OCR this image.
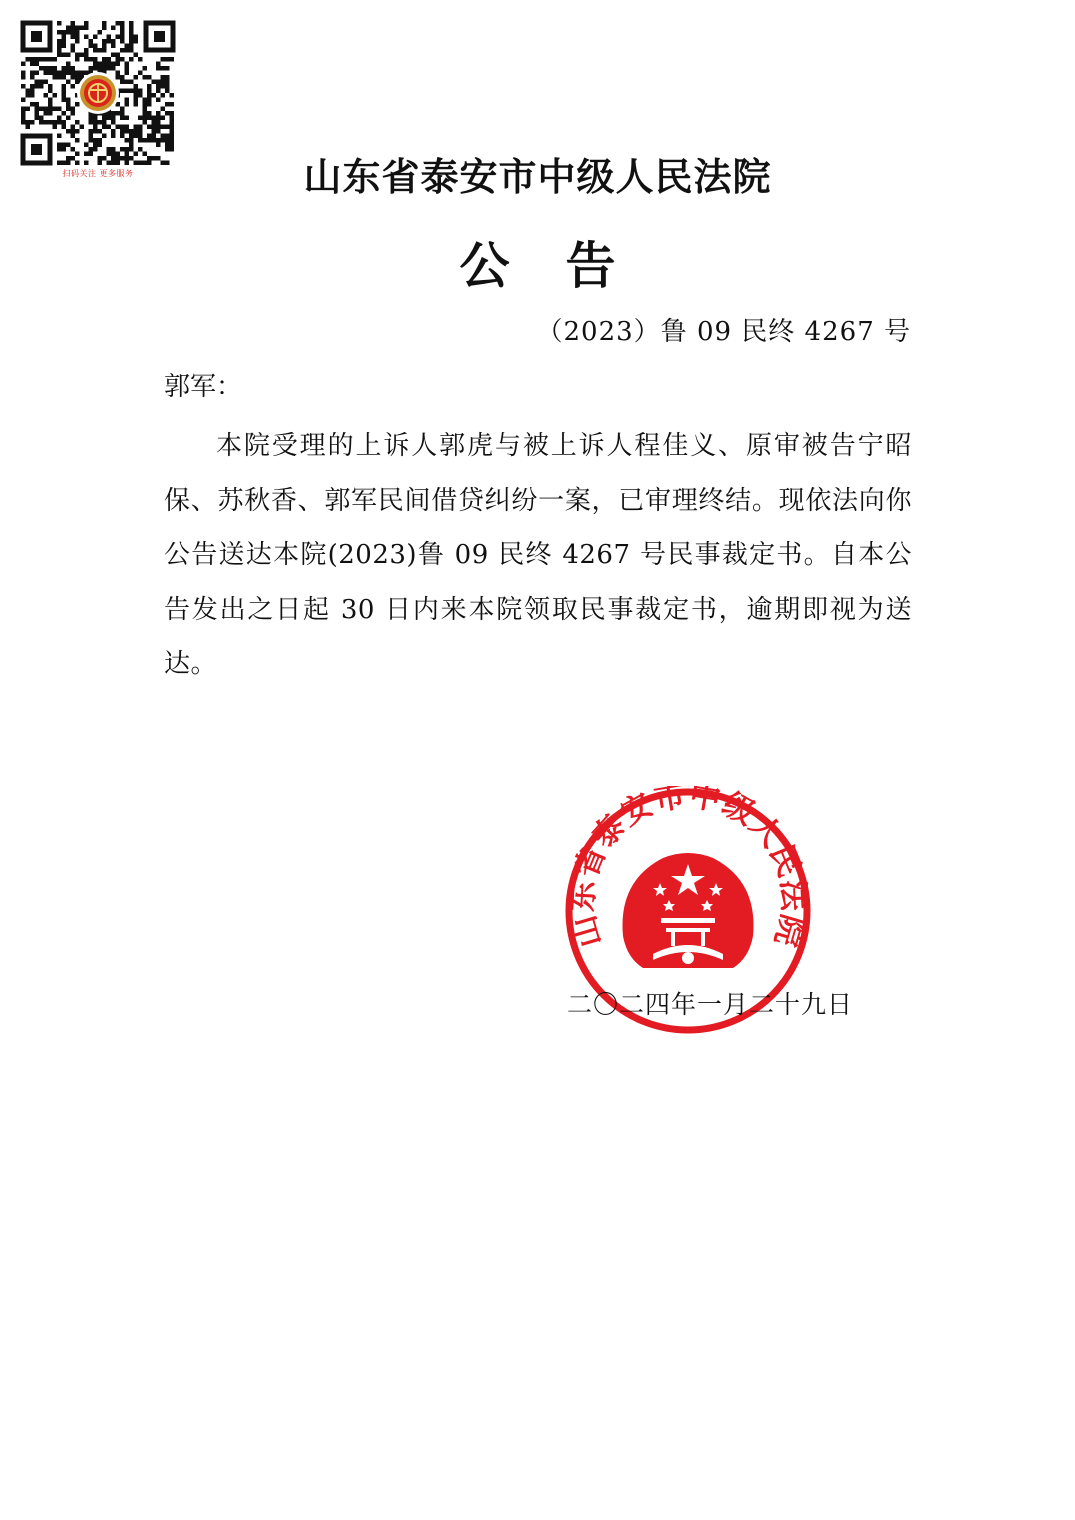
扫码关注 更多服务	山东省泰安市中级人民法院
公 告
（2023）鲁 09 民终 4267 号
郭军：
本院受理的上诉人郭虎与被上诉人程佳义、原审被告宁昭保、苏秋香、郭军民间借贷纠纷一案，已审理终结。现依法向你公告送达本院(2023)鲁 09 民终 4267 号民事裁定书。自本公告发出之日起 30 日内来本院领取民事裁定书，逾期即视为送达。
山东省泰安市中级人民法院
二〇二四年一月二十九日
